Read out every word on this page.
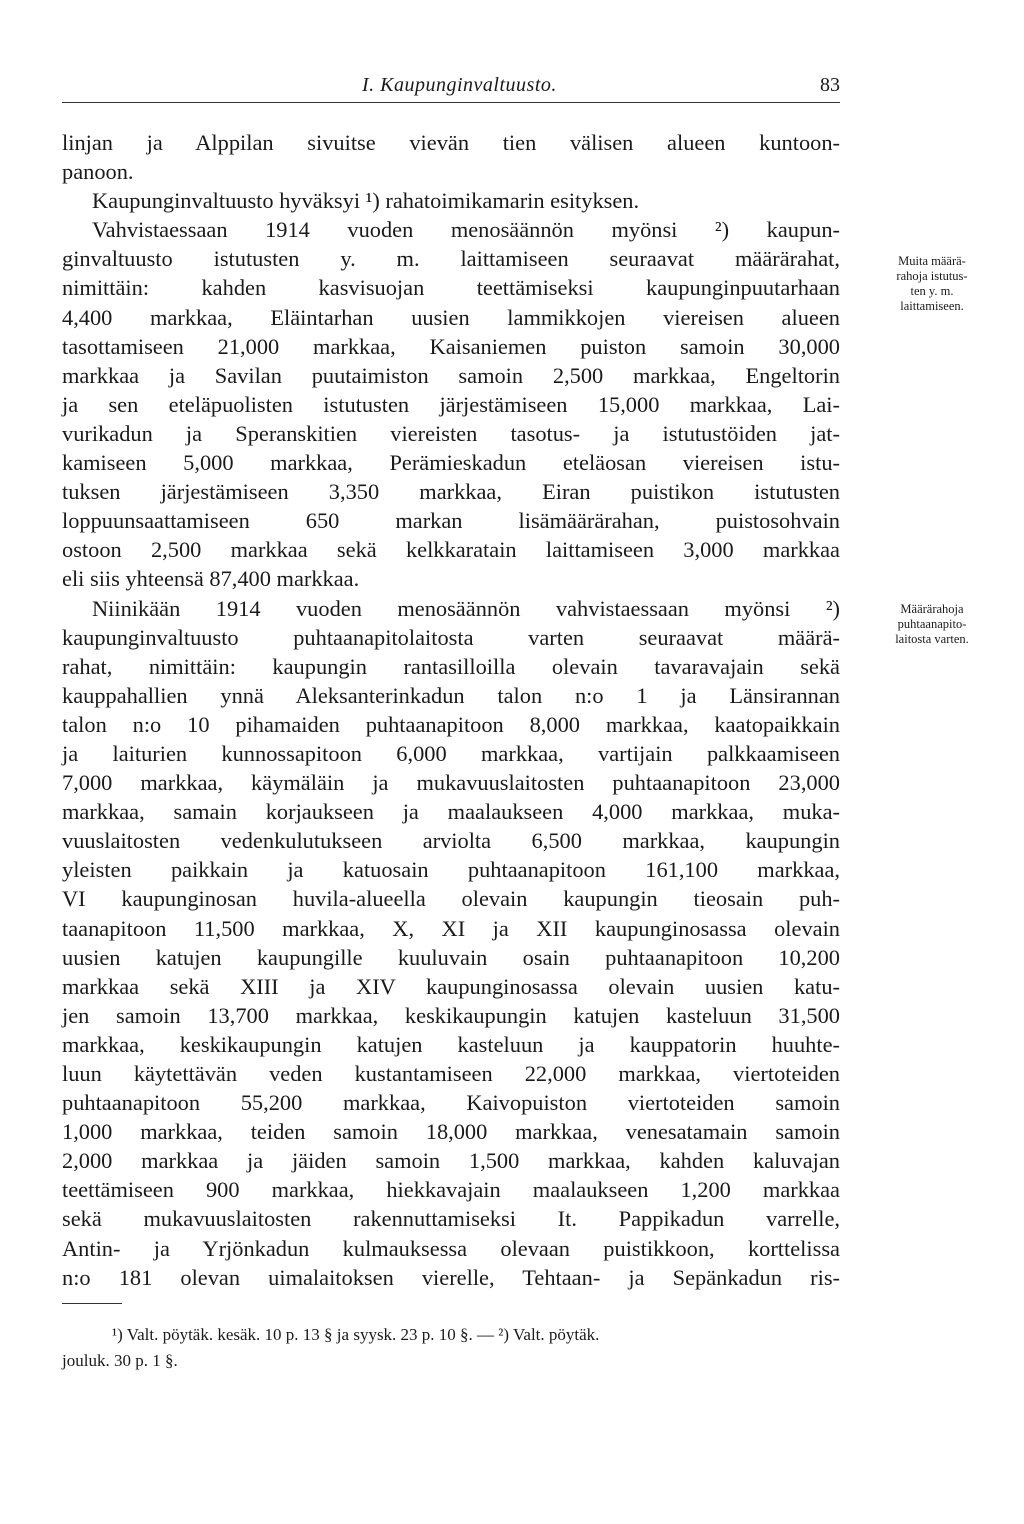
I. Kaupunginvaltuusto.	83
linjan ja Alppilan sivuitse vievän tien välisen alueen kuntoon-
panoon.
Kaupunginvaltuusto hyväksyi ¹) rahatoimikamarin esityksen.
Vahvistaessaan 1914 vuoden menosäännön myönsi ²) kaupun-
ginvaltuusto istutusten y. m. laittamiseen seuraavat määrärahat,
nimittäin: kahden kasvisuojan teettämiseksi kaupunginpuutarhaan
4,400 markkaa, Eläintarhan uusien lammikkojen viereisen alueen
tasottamiseen 21,000 markkaa, Kaisaniemen puiston samoin 30,000
markkaa ja Savilan puutaimiston samoin 2,500 markkaa, Engeltorin
ja sen eteläpuolisten istutusten järjestämiseen 15,000 markkaa, Lai-
vurikadun ja Speranskitien viereisten tasotus- ja istutustöiden jat-
kamiseen 5,000 markkaa, Perämieskadun eteläosan viereisen istu-
tuksen järjestämiseen 3,350 markkaa, Eiran puistikon istutusten
loppuunsaattamiseen 650 markan lisämäärärahan, puistosohvain
ostoon 2,500 markkaa sekä kelkkaratain laittamiseen 3,000 markkaa
eli siis yhteensä 87,400 markkaa.
Niinikään 1914 vuoden menosäännön vahvistaessaan myönsi ²)
kaupunginvaltuusto puhtaanapitolaitosta varten seuraavat määrä-
rahat, nimittäin: kaupungin rantasilloilla olevain tavaravajain sekä
kauppahallien ynnä Aleksanterinkadun talon n:o 1 ja Länsirannan
talon n:o 10 pihamaiden puhtaanapitoon 8,000 markkaa, kaatopaikkain
ja laiturien kunnossapitoon 6,000 markkaa, vartijain palkkaamiseen
7,000 markkaa, käymäläin ja mukavuuslaitosten puhtaanapitoon 23,000
markkaa, samain korjaukseen ja maalaukseen 4,000 markkaa, muka-
vuuslaitosten vedenkulutukseen arviolta 6,500 markkaa, kaupungin
yleisten paikkain ja katuosain puhtaanapitoon 161,100 markkaa,
VI kaupunginosan huvila-alueella olevain kaupungin tieosain puh-
taanapitoon 11,500 markkaa, X, XI ja XII kaupunginosassa olevain
uusien katujen kaupungille kuuluvain osain puhtaanapitoon 10,200
markkaa sekä XIII ja XIV kaupunginosassa olevain uusien katu-
jen samoin 13,700 markkaa, keskikaupungin katujen kasteluun 31,500
markkaa, keskikaupungin katujen kasteluun ja kauppatorin huuhte-
luun käytettävän veden kustantamiseen 22,000 markkaa, viertoteiden
puhtaanapitoon 55,200 markkaa, Kaivopuiston viertoteiden samoin
1,000 markkaa, teiden samoin 18,000 markkaa, venesatamain samoin
2,000 markkaa ja jäiden samoin 1,500 markkaa, kahden kaluvajan
teettämiseen 900 markkaa, hiekkavajain maalaukseen 1,200 markkaa
sekä mukavuuslaitosten rakennuttamiseksi It. Pappikadun varrelle,
Antin- ja Yrjönkadun kulmauksessa olevaan puistikkoon, korttelissa
n:o 181 olevan uimalaitoksen vierelle, Tehtaan- ja Sepänkadun ris-
Muita määrä-
rahoja istutus-
ten y. m.
laittamiseen.
Määrärahoja
puhtaanapito-
laitosta varten.
¹) Valt. pöytäk. kesäk. 10 p. 13 § ja syysk. 23 p. 10 §. — ²) Valt. pöytäk.
jouluk. 30 p. 1 §.
